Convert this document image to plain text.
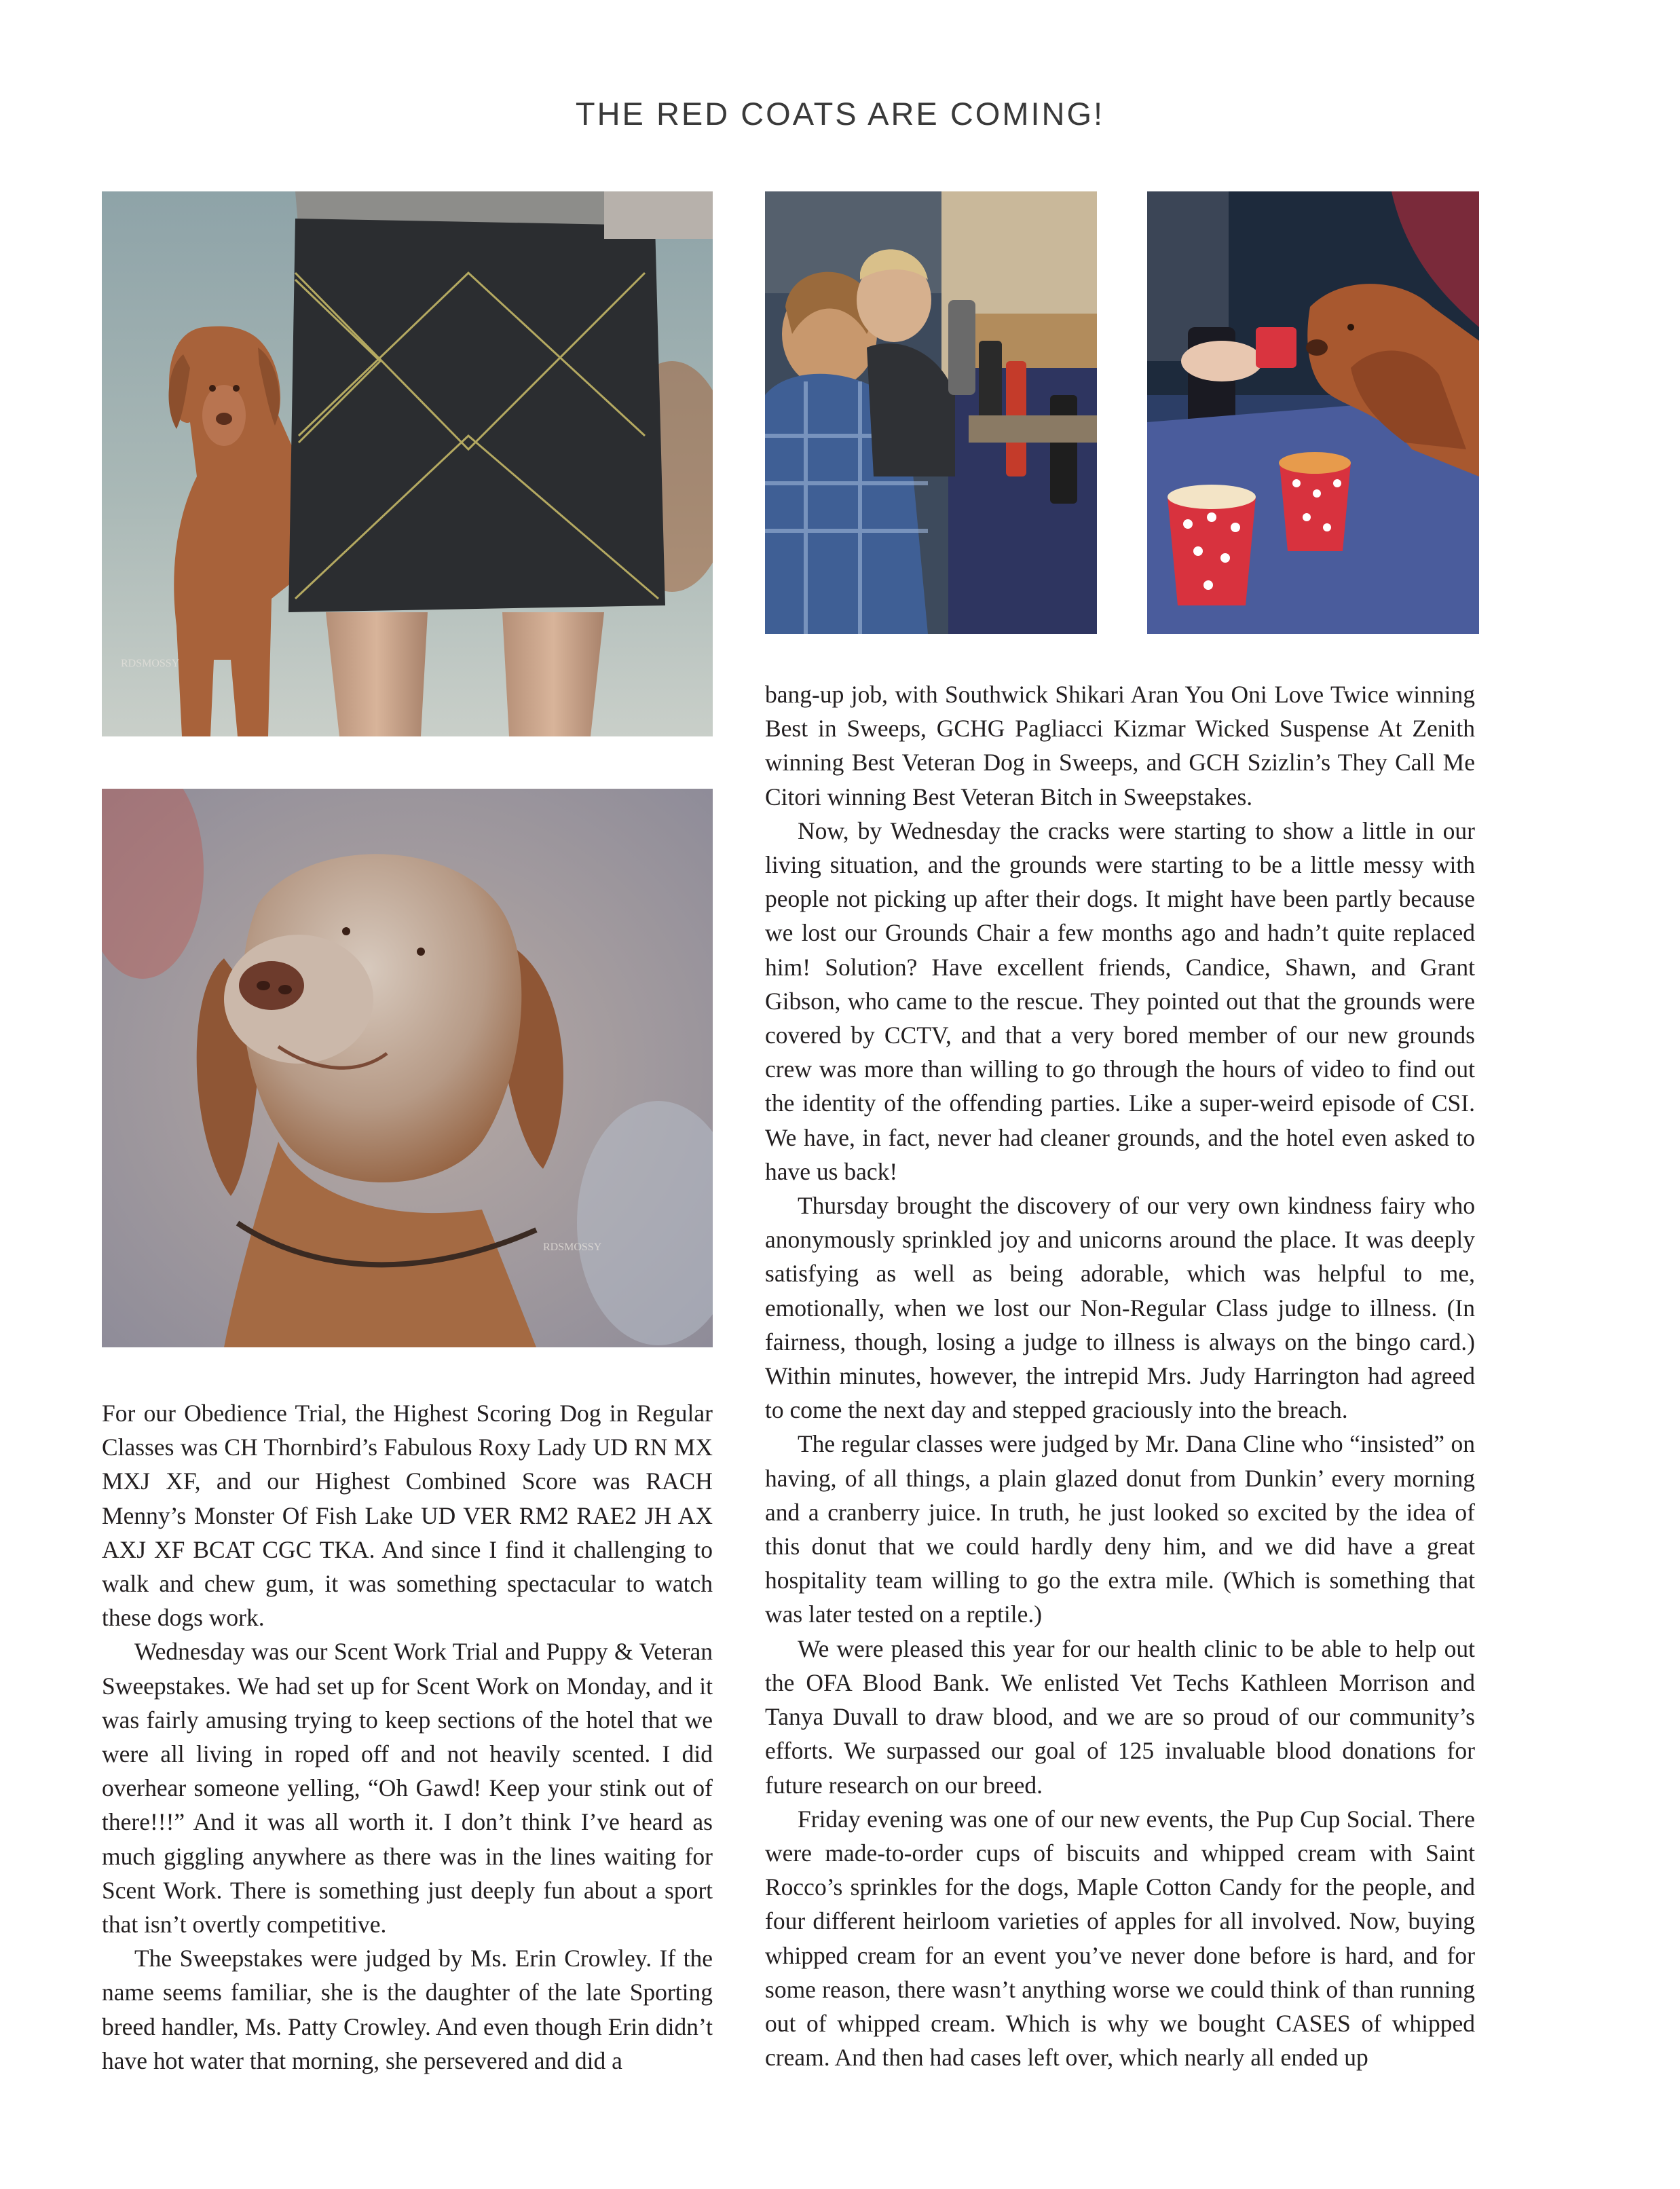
THE RED COATS ARE COMING!
RDSMOSSY
RDSMOSSY

For our Obedience Trial, the Highest Scoring Dog in Regular Classes was CH Thornbird’s Fabulous Roxy Lady UD RN MX MXJ XF, and our Highest Combined Score was RACH Menny’s Monster Of Fish Lake UD VER RM2 RAE2 JH AX AXJ XF BCAT CGC TKA. And since I find it challenging to walk and chew gum, it was something spectacular to watch these dogs work.

Wednesday was our Scent Work Trial and Puppy & Veteran Sweepstakes. We had set up for Scent Work on Monday, and it was fairly amusing trying to keep sections of the hotel that we were all living in roped off and not heavily scented. I did overhear someone yelling, “Oh Gawd! Keep your stink out of there!!!” And it was all worth it. I don’t think I’ve heard as much giggling anywhere as there was in the lines waiting for Scent Work. There is something just deeply fun about a sport that isn’t overtly competitive.

The Sweepstakes were judged by Ms. Erin Crowley. If the name seems familiar, she is the daughter of the late Sporting breed handler, Ms. Patty Crowley. And even though Erin didn’t have hot water that morning, she persevered and did a

bang-up job, with Southwick Shikari Aran You Oni Love Twice winning Best in Sweeps, GCHG Pagliacci Kizmar Wicked Suspense At Zenith winning Best Veteran Dog in Sweeps, and GCH Szizlin’s They Call Me Citori winning Best Veteran Bitch in Sweepstakes.

Now, by Wednesday the cracks were starting to show a little in our living situation, and the grounds were starting to be a little messy with people not picking up after their dogs. It might have been partly because we lost our Grounds Chair a few months ago and hadn’t quite replaced him! Solution? Have excellent friends, Candice, Shawn, and Grant Gibson, who came to the rescue. They pointed out that the grounds were covered by CCTV, and that a very bored member of our new grounds crew was more than willing to go through the hours of video to find out the identity of the offending parties. Like a super-weird episode of CSI. We have, in fact, never had cleaner grounds, and the hotel even asked to have us back!

Thursday brought the discovery of our very own kindness fairy who anonymously sprinkled joy and unicorns around the place. It was deeply satisfying as well as being adorable, which was helpful to me, emotionally, when we lost our Non-Regular Class judge to illness. (In fairness, though, losing a judge to illness is always on the bingo card.) Within minutes, however, the intrepid Mrs. Judy Harrington had agreed to come the next day and stepped graciously into the breach.

The regular classes were judged by Mr. Dana Cline who “insisted” on having, of all things, a plain glazed donut from Dunkin’ every morning and a cranberry juice. In truth, he just looked so excited by the idea of this donut that we could hardly deny him, and we did have a great hospitality team willing to go the extra mile. (Which is something that was later tested on a reptile.)

We were pleased this year for our health clinic to be able to help out the OFA Blood Bank. We enlisted Vet Techs Kathleen Morrison and Tanya Duvall to draw blood, and we are so proud of our community’s efforts. We surpassed our goal of 125 invaluable blood donations for future research on our breed.

Friday evening was one of our new events, the Pup Cup Social. There were made-to-order cups of biscuits and whipped cream with Saint Rocco’s sprinkles for the dogs, Maple Cotton Candy for the people, and four different heirloom varieties of apples for all involved. Now, buying whipped cream for an event you’ve never done before is hard, and for some reason, there wasn’t anything worse we could think of than running out of whipped cream. Which is why we bought CASES of whipped cream. And then had cases left over, which nearly all ended up
